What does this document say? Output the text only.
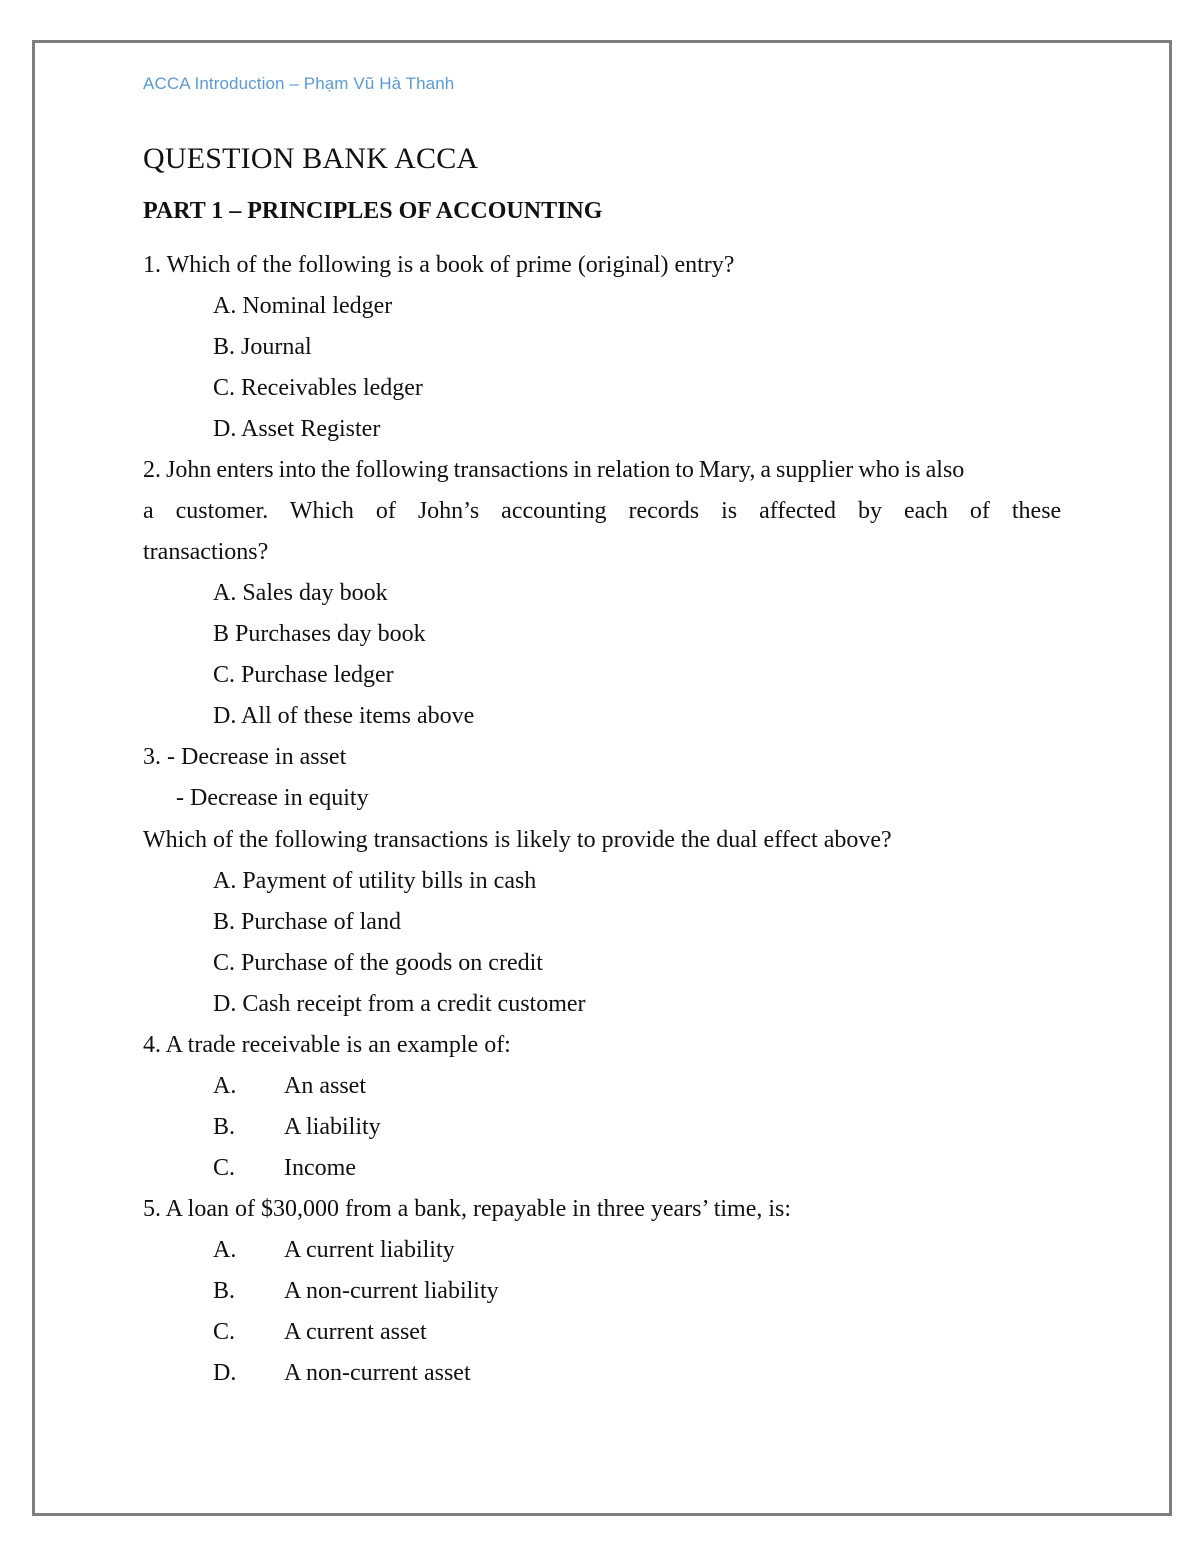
ACCA Introduction – Phạm Vũ Hà Thanh
QUESTION BANK ACCA
PART 1 – PRINCIPLES OF ACCOUNTING
1. Which of the following is a book of prime (original) entry?
A. Nominal ledger
B. Journal
C. Receivables ledger
D. Asset Register
2. John enters into the following transactions in relation to Mary, a supplier who is also
a customer. Which of John’s accounting records is affected by each of these
transactions?
A. Sales day book
B Purchases day book
C. Purchase ledger
D. All of these items above
3. - Decrease in asset
- Decrease in equity
Which of the following transactions is likely to provide the dual effect above?
A. Payment of utility bills in cash
B. Purchase of land
C. Purchase of the goods on credit
D. Cash receipt from a credit customer
4. A trade receivable is an example of:
A. An asset
B. A liability
C. Income
5. A loan of $30,000 from a bank, repayable in three years’ time, is:
A. A current liability
B. A non-current liability
C. A current asset
D. A non-current asset
